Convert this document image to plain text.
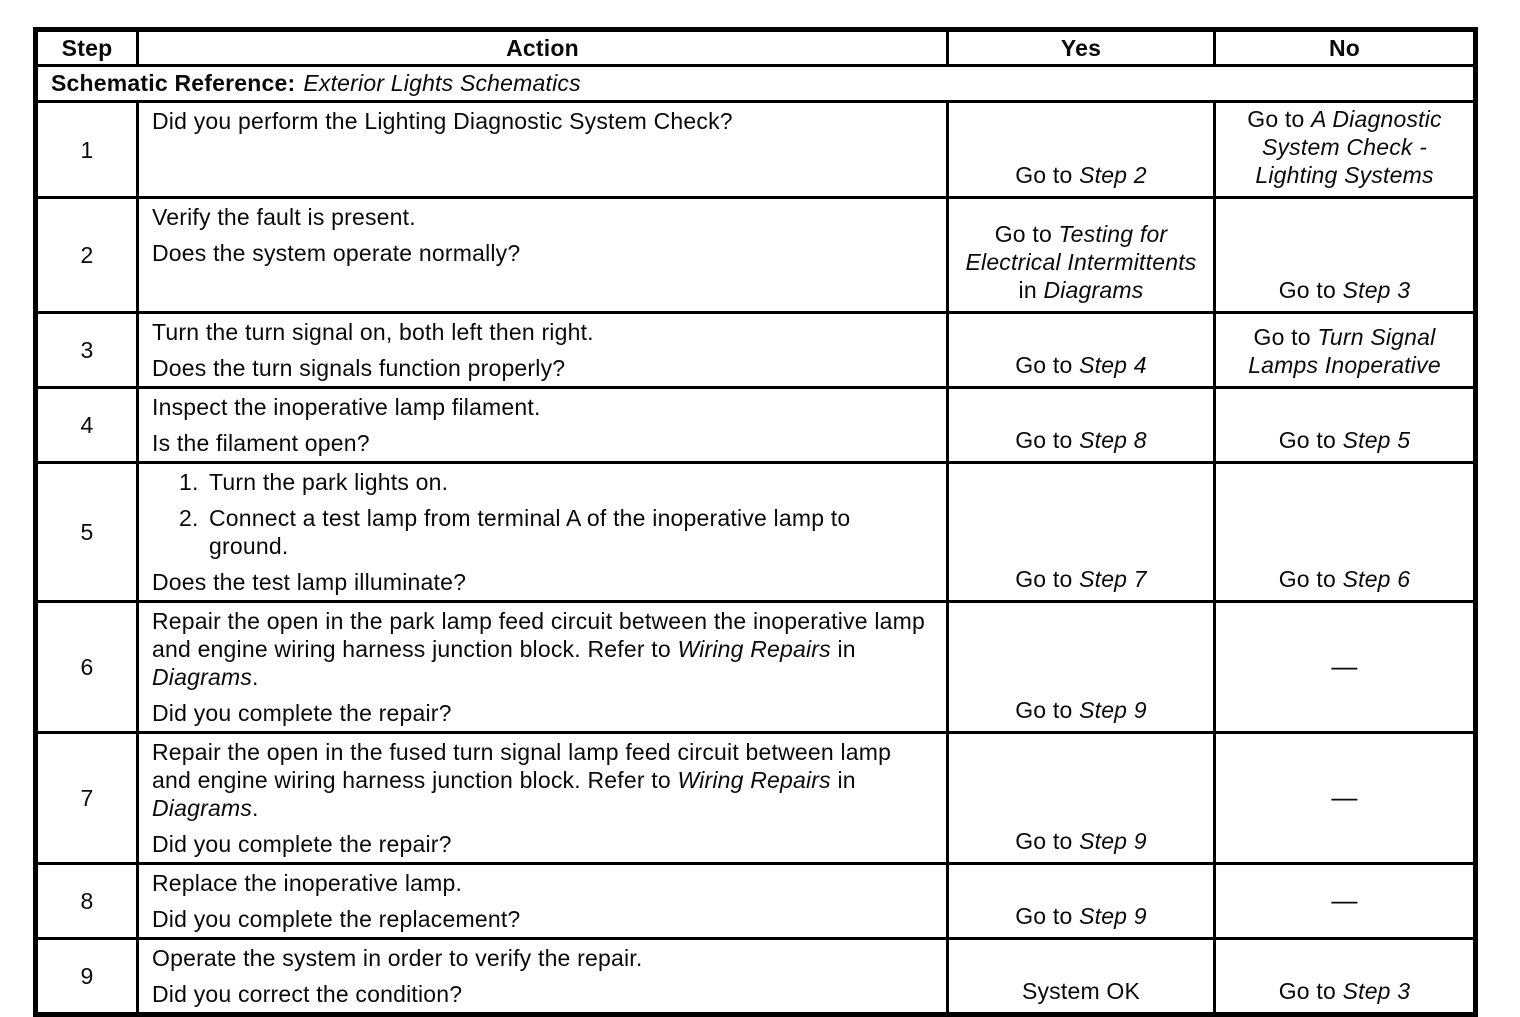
Step	Action	Yes	No
Schematic Reference: Exterior Lights Schematics			
1	Did you perform the Lighting Diagnostic System Check?	Go to Step 2	Go to A Diagnostic System Check - Lighting Systems
2	Verify the fault is present.
Does the system operate normally?	Go to Testing for Electrical Intermittents in Diagrams	Go to Step 3
3	Turn the turn signal on, both left then right.
Does the turn signals function properly?	Go to Step 4	Go to Turn Signal Lamps Inoperative
4	Inspect the inoperative lamp filament.
Is the filament open?	Go to Step 8	Go to Step 5
5	1. Turn the park lights on.
2. Connect a test lamp from terminal A of the inoperative lamp to ground.
Does the test lamp illuminate?	Go to Step 7	Go to Step 6
6	Repair the open in the park lamp feed circuit between the inoperative lamp and engine wiring harness junction block. Refer to Wiring Repairs in Diagrams.
Did you complete the repair?	Go to Step 9	—
7	Repair the open in the fused turn signal lamp feed circuit between lamp and engine wiring harness junction block. Refer to Wiring Repairs in Diagrams.
Did you complete the repair?	Go to Step 9	—
8	Replace the inoperative lamp.
Did you complete the replacement?	Go to Step 9	—
9	Operate the system in order to verify the repair.
Did you correct the condition?	System OK	Go to Step 3
